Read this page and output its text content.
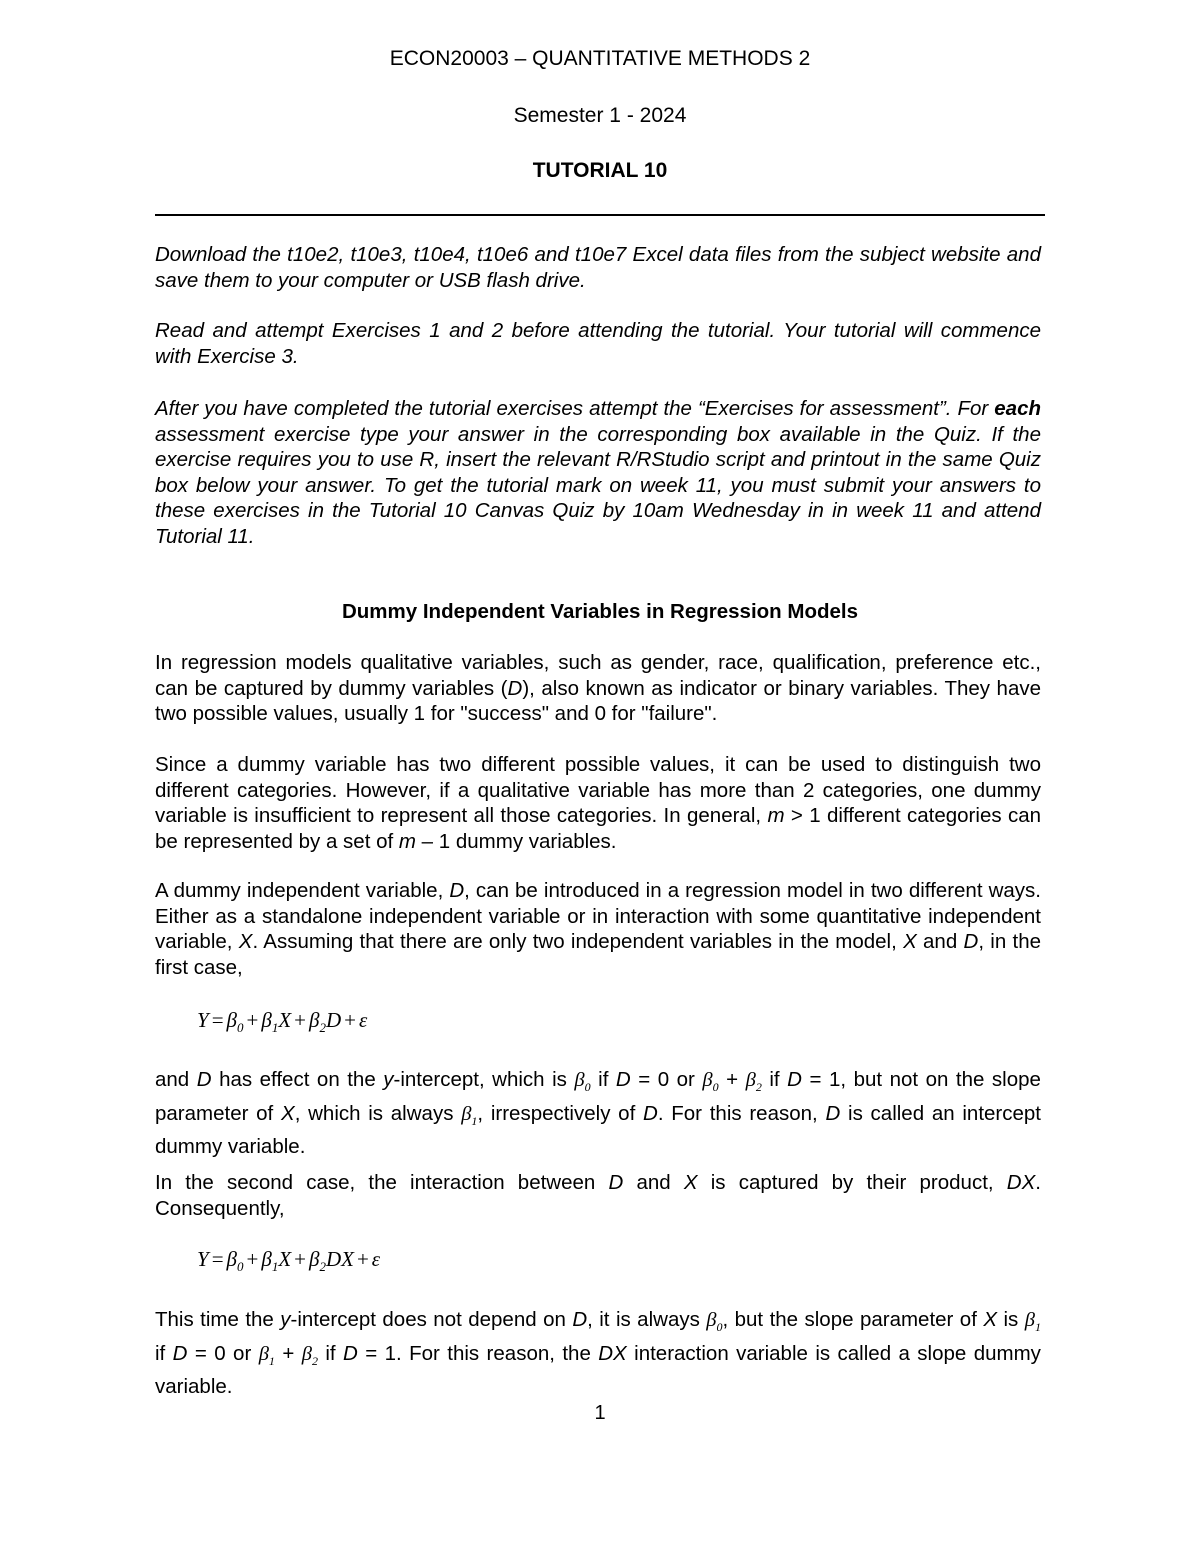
ECON20003 – QUANTITATIVE METHODS 2
Semester 1 - 2024
TUTORIAL 10
Download the t10e2, t10e3, t10e4, t10e6 and t10e7 Excel data files from the subject website and save them to your computer or USB flash drive.
Read and attempt Exercises 1 and 2 before attending the tutorial. Your tutorial will commence with Exercise 3.
After you have completed the tutorial exercises attempt the “Exercises for assessment”. For each assessment exercise type your answer in the corresponding box available in the Quiz. If the exercise requires you to use R, insert the relevant R/RStudio script and printout in the same Quiz box below your answer. To get the tutorial mark on week 11, you must submit your answers to these exercises in the Tutorial 10 Canvas Quiz by 10am Wednesday in in week 11 and attend Tutorial 11.
Dummy Independent Variables in Regression Models
In regression models qualitative variables, such as gender, race, qualification, preference etc., can be captured by dummy variables (D), also known as indicator or binary variables. They have two possible values, usually 1 for "success" and 0 for "failure".
Since a dummy variable has two different possible values, it can be used to distinguish two different categories. However, if a qualitative variable has more than 2 categories, one dummy variable is insufficient to represent all those categories. In general, m > 1 different categories can be represented by a set of m – 1 dummy variables.
A dummy independent variable, D, can be introduced in a regression model in two different ways. Either as a standalone independent variable or in interaction with some quantitative independent variable, X. Assuming that there are only two independent variables in the model, X and D, in the first case,
$Y = \beta_0 + \beta_1X + \beta_2D + \varepsilon$
and D has effect on the y-intercept, which is $\beta_0$ if D = 0 or $\beta_0 + \beta_2$ if D = 1, but not on the slope parameter of X, which is always $\beta_1$, irrespectively of D. For this reason, D is called an intercept dummy variable.
In the second case, the interaction between D and X is captured by their product, DX. Consequently,
$Y = \beta_0 + \beta_1X + \beta_2DX + \varepsilon$
This time the y-intercept does not depend on D, it is always $\beta_0$, but the slope parameter of X is $\beta_1$ if D = 0 or $\beta_1 + \beta_2$ if D = 1. For this reason, the DX interaction variable is called a slope dummy variable.
1
